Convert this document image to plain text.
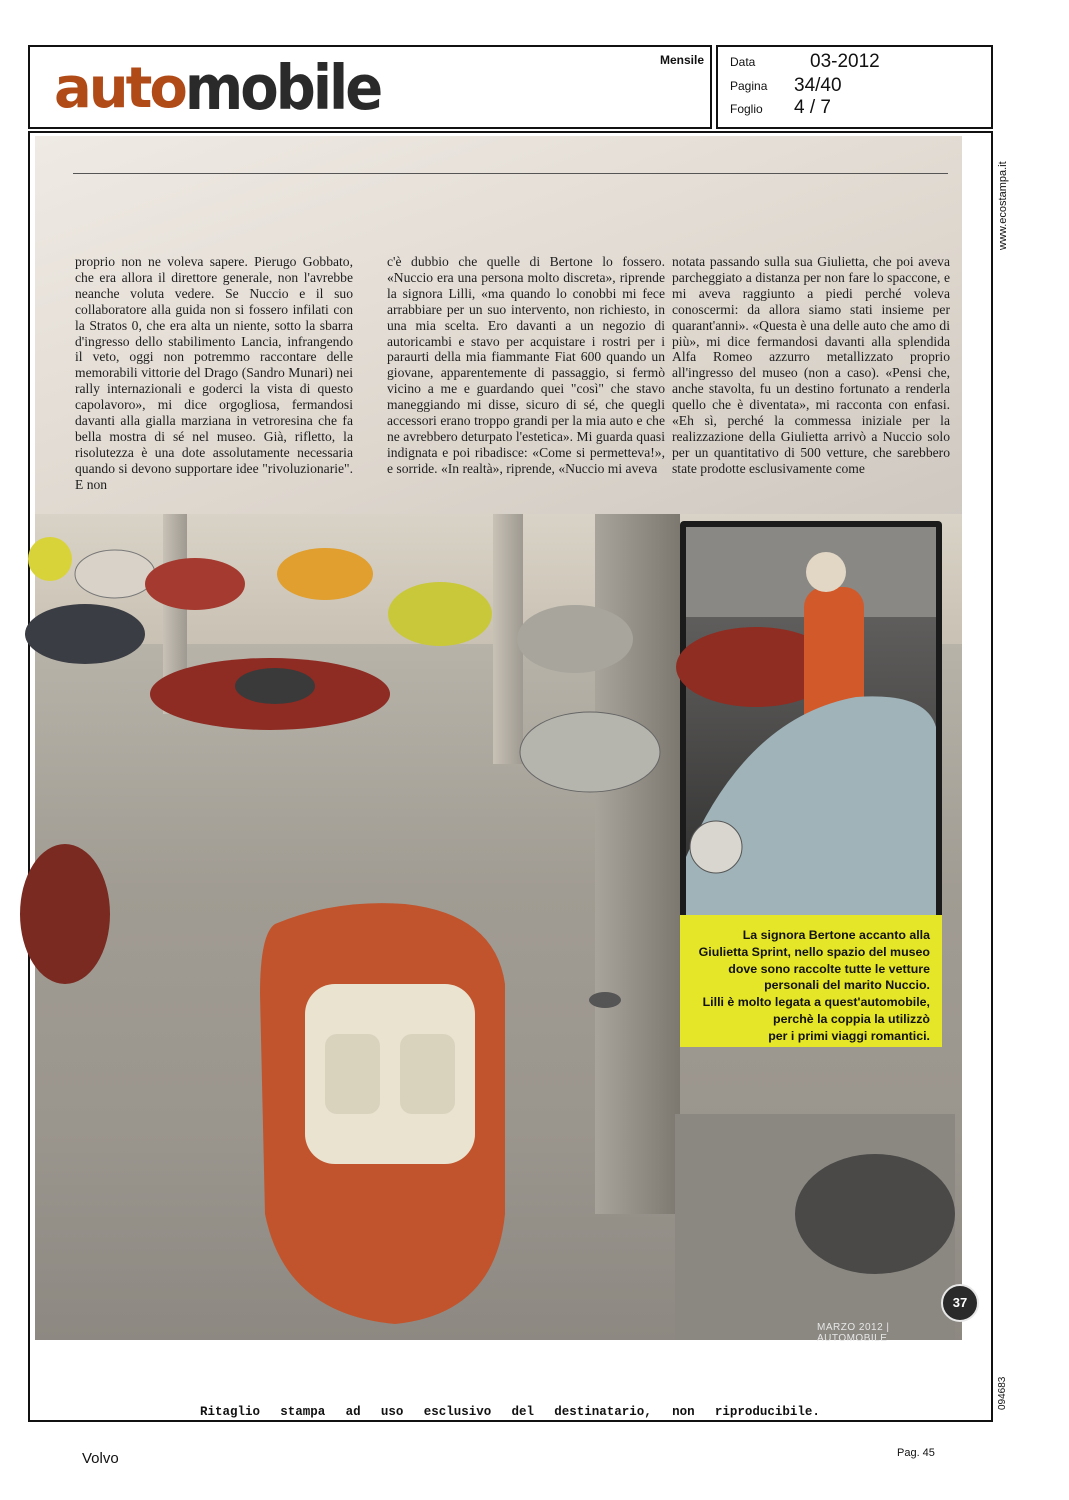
automobile	Mensile Data	03-2012
Pagina 34/40
Foglio 4 / 7
www.ecostampa.it
094683
proprio non ne voleva sapere. Pierugo Gobbato, che era allora il direttore generale, non l'avrebbe neanche voluta vedere. Se Nuccio e il suo collaboratore alla guida non si fossero infilati con la Stratos 0, che era alta un niente, sotto la sbarra d'ingresso dello stabilimento Lancia, infrangendo il veto, oggi non potremmo raccontare delle memorabili vittorie del Drago (Sandro Munari) nei rally internazionali e goderci la vista di questo capolavoro», mi dice orgogliosa, fermandosi davanti alla gialla marziana in vetroresina che fa bella mostra di sé nel museo. Già, rifletto, la risolutezza è una dote assolutamente necessaria quando si devono supportare idee "rivoluzionarie". E non
c'è dubbio che quelle di Bertone lo fossero. «Nuccio era una persona molto discreta», riprende la signora Lilli, «ma quando lo conobbi mi fece arrabbiare per un suo intervento, non richiesto, in una mia scelta. Ero davanti a un negozio di autoricambi e stavo per acquistare i rostri per i paraurti della mia fiammante Fiat 600 quando un giovane, apparentemente di passaggio, si fermò vicino a me e guardando quei "così" che stavo maneggiando mi disse, sicuro di sé, che quegli accessori erano troppo grandi per la mia auto e che ne avrebbero deturpato l'estetica». Mi guarda quasi indignata e poi ribadisce: «Come si permetteva!», e sorride. «In realtà», riprende, «Nuccio mi aveva
notata passando sulla sua Giulietta, che poi aveva parcheggiato a distanza per non fare lo spaccone, e mi aveva raggiunto a piedi perché voleva conoscermi: da allora siamo stati insieme per quarant'anni». «Questa è una delle auto che amo di più», mi dice fermandosi davanti alla splendida Alfa Romeo azzurro metallizzato proprio all'ingresso del museo (non a caso). «Pensi che, anche stavolta, fu un destino fortunato a renderla quello che è diventata», mi racconta con enfasi. «Eh sì, perché la commessa iniziale per la realizzazione della Giulietta arrivò a Nuccio solo per un quantitativo di 500 vetture, che sarebbero state prodotte esclusivamente come

La signora Bertone accanto alla

Giulietta Sprint, nello spazio del museo

dove sono raccolte tutte le vetture

personali del marito Nuccio.

Lilli è molto legata a quest'automobile,

perchè la coppia la utilizzò

per i primi viaggi romantici.

37
MARZO 2012 | AUTOMOBILE
Ritaglio stampa ad uso esclusivo del destinatario, non riproducibile.
Volvo	Pag. 45
